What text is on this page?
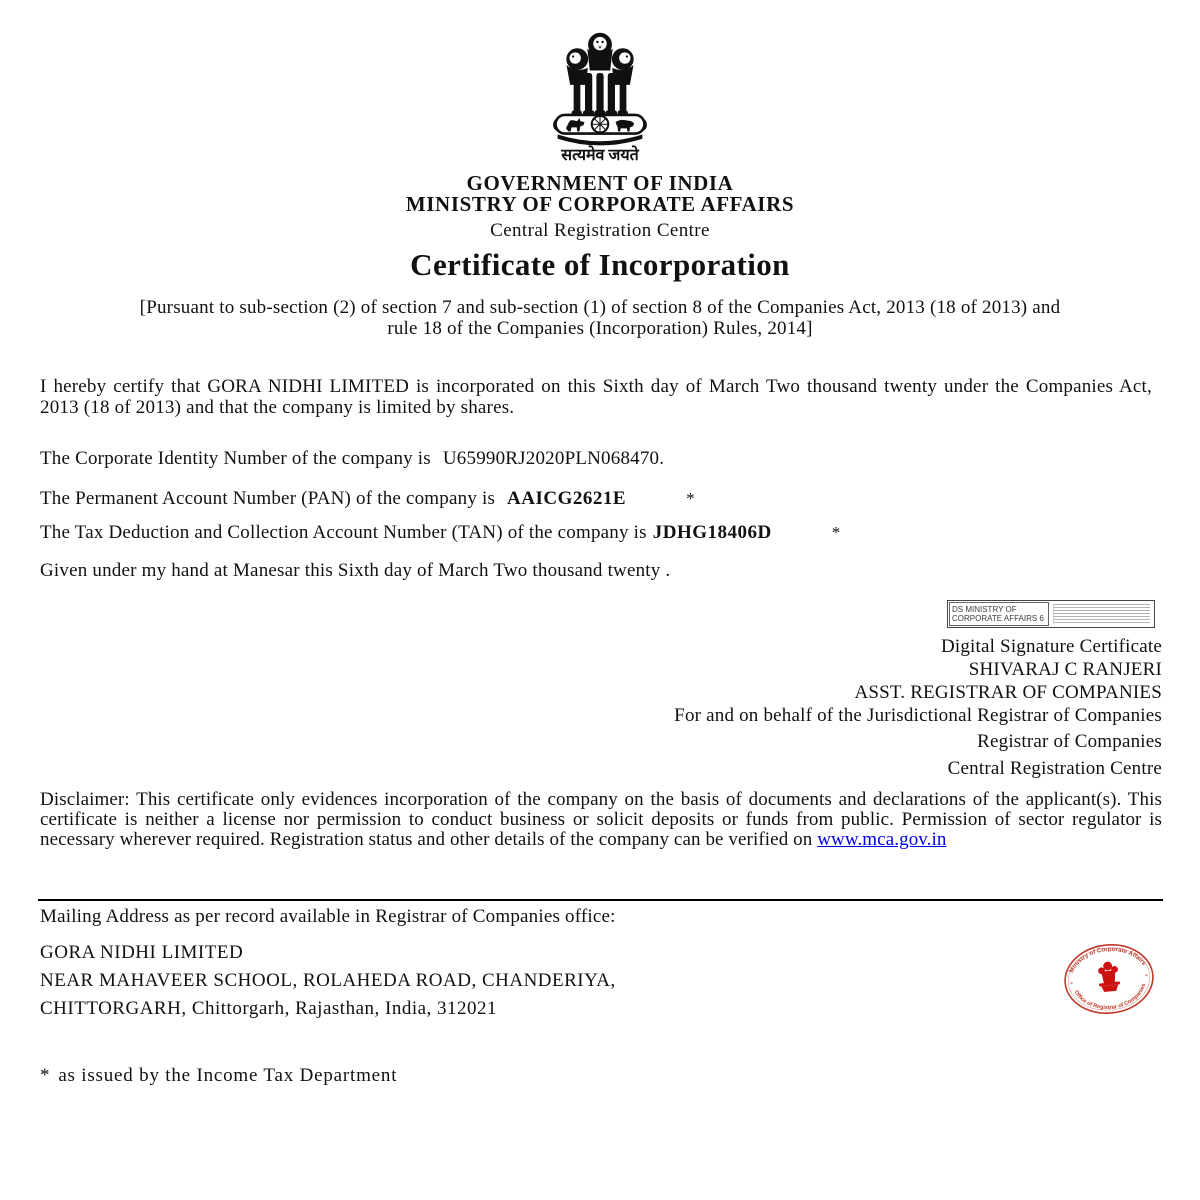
सत्यमेव जयते
GOVERNMENT OF INDIA
MINISTRY OF CORPORATE AFFAIRS
Central Registration Centre
Certificate of Incorporation
[Pursuant to sub-section (2) of section 7 and sub-section (1) of section 8 of the Companies Act, 2013 (18 of 2013) and
rule 18 of the Companies (Incorporation) Rules, 2014]
I hereby certify that GORA NIDHI LIMITED is incorporated on this Sixth day of March Two thousand twenty under the Companies Act, 2013 (18 of 2013) and that the company is limited by shares.
The Corporate Identity Number of the company is U65990RJ2020PLN068470.
The Permanent Account Number (PAN) of the company is AAICG2621E	*
The Tax Deduction and Collection Account Number (TAN) of the company is JDHG18406D	*
Given under my hand at Manesar this Sixth day of March Two thousand twenty .
DS MINISTRY OF
CORPORATE AFFAIRS 6
Digital Signature Certificate
SHIVARAJ C RANJERI
ASST. REGISTRAR OF COMPANIES
For and on behalf of the Jurisdictional Registrar of Companies
Registrar of Companies
Central Registration Centre
Disclaimer: This certificate only evidences incorporation of the company on the basis of documents and declarations of the applicant(s). This certificate is neither a license nor permission to conduct business or solicit deposits or funds from public. Permission of sector regulator is necessary wherever required. Registration status and other details of the company can be verified on www.mca.gov.in
Mailing Address as per record available in Registrar of Companies office:
GORA NIDHI LIMITED
NEAR MAHAVEER SCHOOL, ROLAHEDA ROAD, CHANDERIYA,
CHITTORGARH, Chittorgarh, Rajasthan, India, 312021
Ministry of Corporate Affairs
Office of Registrar of Companies
*
*
* as issued by the Income Tax Department
